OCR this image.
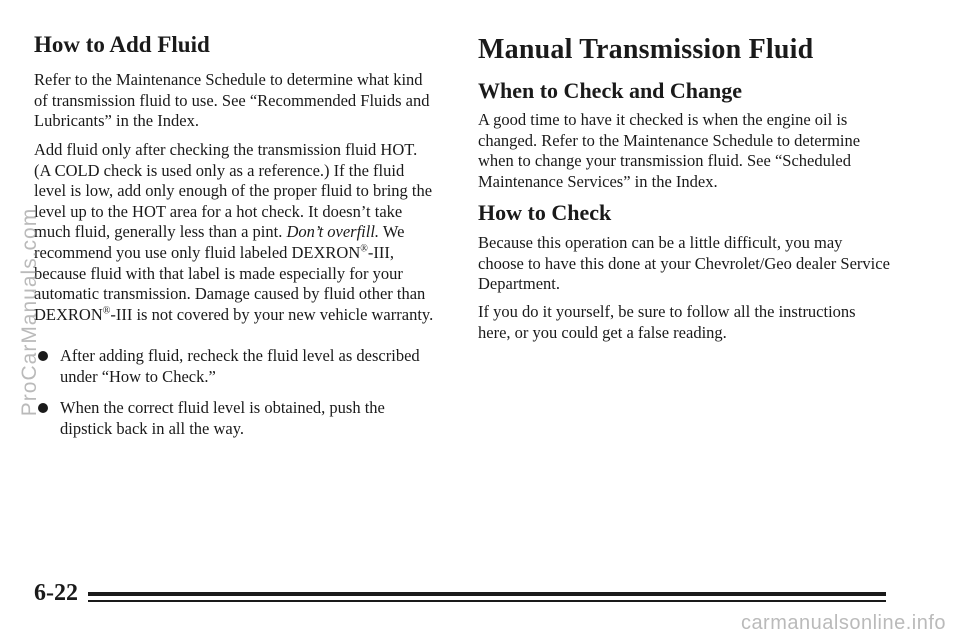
How to Add Fluid

Refer to the Maintenance Schedule to determine what kind of transmission fluid to use. See “Recommended Fluids and Lubricants” in the Index.

Add fluid only after checking the transmission fluid HOT. (A COLD check is used only as a reference.) If the fluid level is low, add only enough of the proper fluid to bring the level up to the HOT area for a hot check. It doesn’t take much fluid, generally less than a pint. Don’t overfill. We recommend you use only fluid labeled DEXRON®-III, because fluid with that label is made especially for your automatic transmission. Damage caused by fluid other than DEXRON®-III is not covered by your new vehicle warranty.

After adding fluid, recheck the fluid level as described under “How to Check.”
When the correct fluid level is obtained, push the dipstick back in all the way.
Manual Transmission Fluid
When to Check and Change

A good time to have it checked is when the engine oil is changed. Refer to the Maintenance Schedule to determine when to change your transmission fluid. See “Scheduled Maintenance Services” in the Index.

How to Check

Because this operation can be a little difficult, you may choose to have this done at your Chevrolet/Geo dealer Service Department.

If you do it yourself, be sure to follow all the instructions here, or you could get a false reading.

6-22
ProCarManuals.com
carmanualsonline.info
